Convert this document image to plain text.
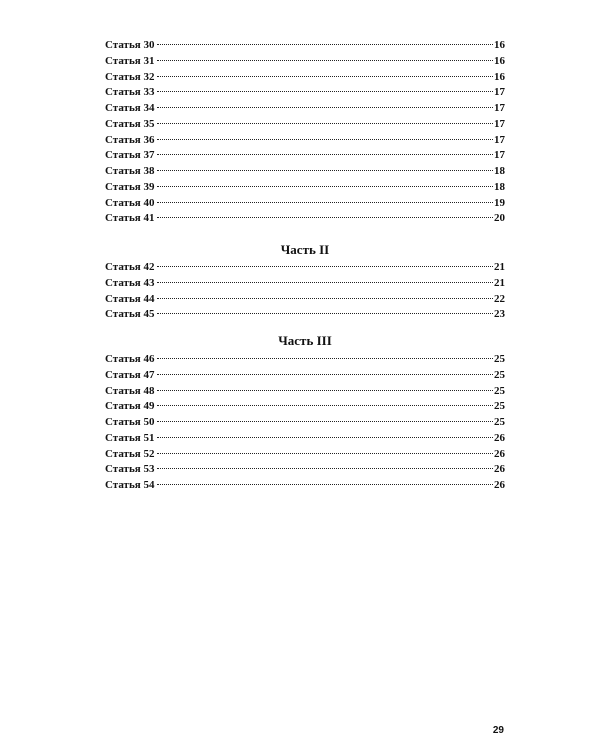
Статья 30	16
Статья 31	16
Статья 32	16
Статья 33	17
Статья 34	17
Статья 35	17
Статья 36	17
Статья 37	17
Статья 38	18
Статья 39	18
Статья 40	19
Статья 41	20
Часть II
Статья 42	21
Статья 43	21
Статья 44	22
Статья 45	23
Часть III
Статья 46	25
Статья 47	25
Статья 48	25
Статья 49	25
Статья 50	25
Статья 51	26
Статья 52	26
Статья 53	26
Статья 54	26
29
